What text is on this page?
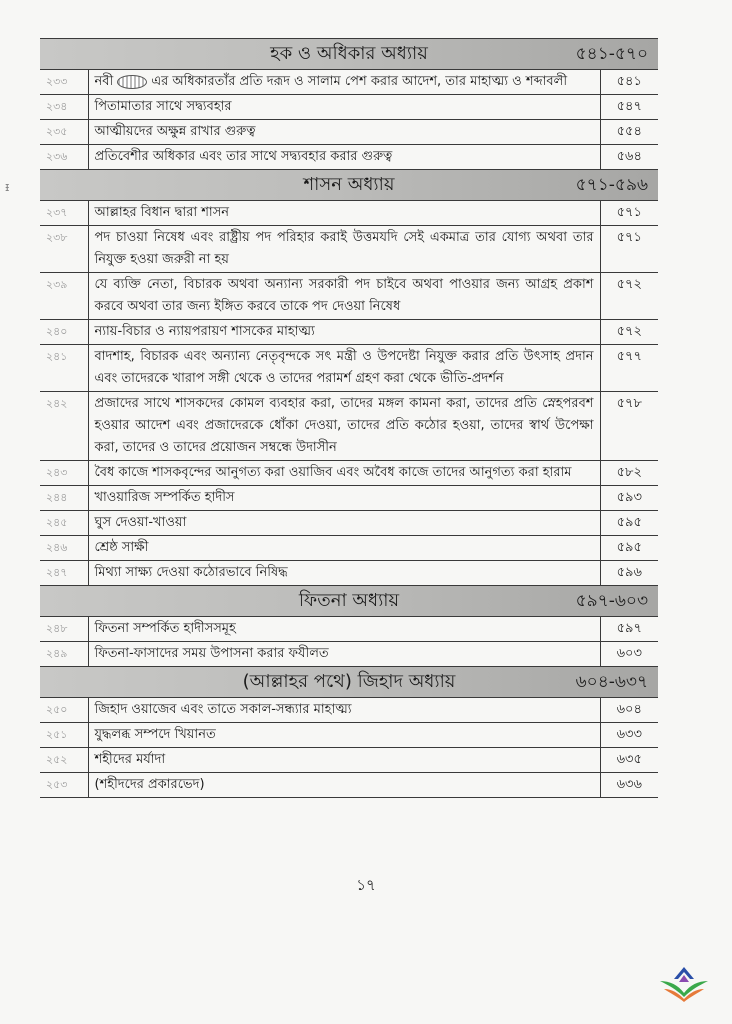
ᵻ
হক ও অধিকার অধ্যায় ৫৪১-৫৭০		

২৩৩	নবী এর অধিকারতাঁর প্রতি দরূদ ও সালাম পেশ করার আদেশ, তার মাহাত্ম্য ও শব্দাবলী	৫৪১
২৩৪	পিতামাতার সাথে সদ্ব্যবহার	৫৪৭
২৩৫	আত্মীয়দের অক্ষুন্ন রাখার গুরুত্ব	৫৫৪
২৩৬	প্রতিবেশীর অধিকার এবং তার সাথে সদ্ব্যবহার করার গুরুত্ব	৫৬৪

শাসন অধ্যায় ৫৭১-৫৯৬		

২৩৭	আল্লাহর বিধান দ্বারা শাসন	৫৭১
২৩৮	পদ চাওয়া নিষেধ এবং রাষ্ট্রীয় পদ পরিহার করাই উত্তমযদি সেই একমাত্র তার যোগ্য অথবা তার নিযুক্ত হওয়া জরুরী না হয়	৫৭১
২৩৯	যে ব্যক্তি নেতা, বিচারক অথবা অন্যান্য সরকারী পদ চাইবে অথবা পাওয়ার জন্য আগ্রহ প্রকাশ করবে অথবা তার জন্য ইঙ্গিত করবে তাকে পদ দেওয়া নিষেধ	৫৭২
২৪০	ন্যায়-বিচার ও ন্যায়পরায়ণ শাসকের মাহাত্ম্য	৫৭২
২৪১	বাদশাহ, বিচারক এবং অন্যান্য নেতৃবৃন্দকে সৎ মন্ত্রী ও উপদেষ্টা নিযুক্ত করার প্রতি উৎসাহ প্রদান এবং তাদেরকে খারাপ সঙ্গী থেকে ও তাদের পরামর্শ গ্রহণ করা থেকে ভীতি-প্রদর্শন	৫৭৭
২৪২	প্রজাদের সাথে শাসকদের কোমল ব্যবহার করা, তাদের মঙ্গল কামনা করা, তাদের প্রতি স্নেহপরবশ হওয়ার আদেশ এবং প্রজাদেরকে ধোঁকা দেওয়া, তাদের প্রতি কঠোর হওয়া, তাদের স্বার্থ উপেক্ষা করা, তাদের ও তাদের প্রয়োজন সম্বন্ধে উদাসীন	৫৭৮
২৪৩	বৈধ কাজে শাসকবৃন্দের আনুগত্য করা ওয়াজিব এবং অবৈধ কাজে তাদের আনুগত্য করা হারাম	৫৮২
২৪৪	খাওয়ারিজ সম্পর্কিত হাদীস	৫৯৩
২৪৫	ঘুস দেওয়া-খাওয়া	৫৯৫
২৪৬	শ্রেষ্ঠ সাক্ষী	৫৯৫
২৪৭	মিথ্যা সাক্ষ্য দেওয়া কঠোরভাবে নিষিদ্ধ	৫৯৬

ফিতনা অধ্যায় ৫৯৭-৬০৩		

২৪৮	ফিতনা সম্পর্কিত হাদীসসমূহ	৫৯৭
২৪৯	ফিতনা-ফাসাদের সময় উপাসনা করার ফযীলত	৬০৩

(আল্লাহর পথে) জিহাদ অধ্যায় ৬০৪-৬৩৭		

২৫০	জিহাদ ওয়াজেব এবং তাতে সকাল-সন্ধ্যার মাহাত্ম্য	৬০৪
২৫১	যুদ্ধলব্ধ সম্পদে খিয়ানত	৬৩৩
২৫২	শহীদের মর্যাদা	৬৩৫
২৫৩	(শহীদদের প্রকারভেদ)	৬৩৬
১৭
